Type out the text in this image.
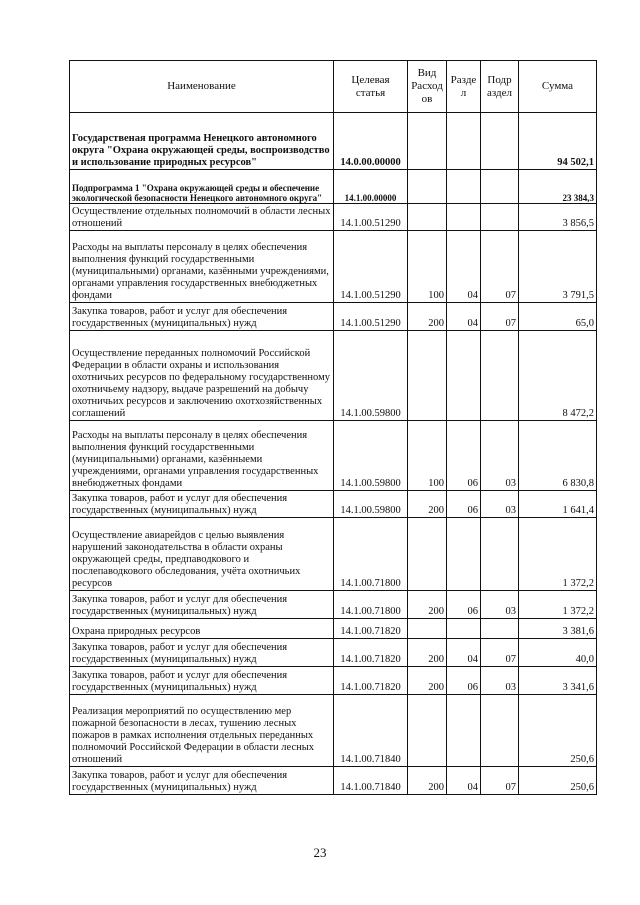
Наименование	Целевая статья	Вид Расход ов	Разде л	Подр аздел	Сумма
Государственая программа Ненецкого автономного округа "Охрана окружающей среды, воспроизводство и использование природных ресурсов"	14.0.00.00000				94 502,1
Подпрограмма 1 "Охрана окружающей среды и обеспечение экологической безопасности Ненецкого автономного округа"	14.1.00.00000				23 384,3
Осуществление отдельных полномочий в области лесных отношений	14.1.00.51290				3 856,5
Расходы на выплаты персоналу в целях обеспечения выполнения функций государственными (муниципальными) органами, казёнными учреждениями, органами управления государственных внебюджетных фондами	14.1.00.51290	100	04	07	3 791,5
Закупка товаров, работ и услуг для обеспечения государственных (муниципальных) нужд	14.1.00.51290	200	04	07	65,0
Осуществление переданных полномочий Российской Федерации в области охраны и использования охотничьих ресурсов по федеральному государственному охотничьему надзору, выдаче разрешений на добычу охотничьих ресурсов и заключению охотхозяйственных соглашений	14.1.00.59800				8 472,2
Расходы на выплаты персоналу в целях обеспечения выполнения функций государственными (муниципальными) органами, казённыеми учреждениями, органами управления государственных внебюджетных фондами	14.1.00.59800	100	06	03	6 830,8
Закупка товаров, работ и услуг для обеспечения государственных (муниципальных) нужд	14.1.00.59800	200	06	03	1 641,4
Осуществление авиарейдов с целью выявления нарушений законодательства в области охраны окружающей среды, предпаводкового и послепаводкового обследования, учёта охотничьих ресурсов	14.1.00.71800				1 372,2
Закупка товаров, работ и услуг для обеспечения государственных (муниципальных) нужд	14.1.00.71800	200	06	03	1 372,2
Охрана природных ресурсов	14.1.00.71820				3 381,6
Закупка товаров, работ и услуг для обеспечения государственных (муниципальных) нужд	14.1.00.71820	200	04	07	40,0
Закупка товаров, работ и услуг для обеспечения государственных (муниципальных) нужд	14.1.00.71820	200	06	03	3 341,6
Реализация мероприятий по осуществлению мер пожарной безопасности в лесах, тушению лесных пожаров в рамках исполнения отдельных переданных полномочий Российской Федерации в области лесных отношений	14.1.00.71840				250,6
Закупка товаров, работ и услуг для обеспечения государственных (муниципальных) нужд	14.1.00.71840	200	04	07	250,6
23
